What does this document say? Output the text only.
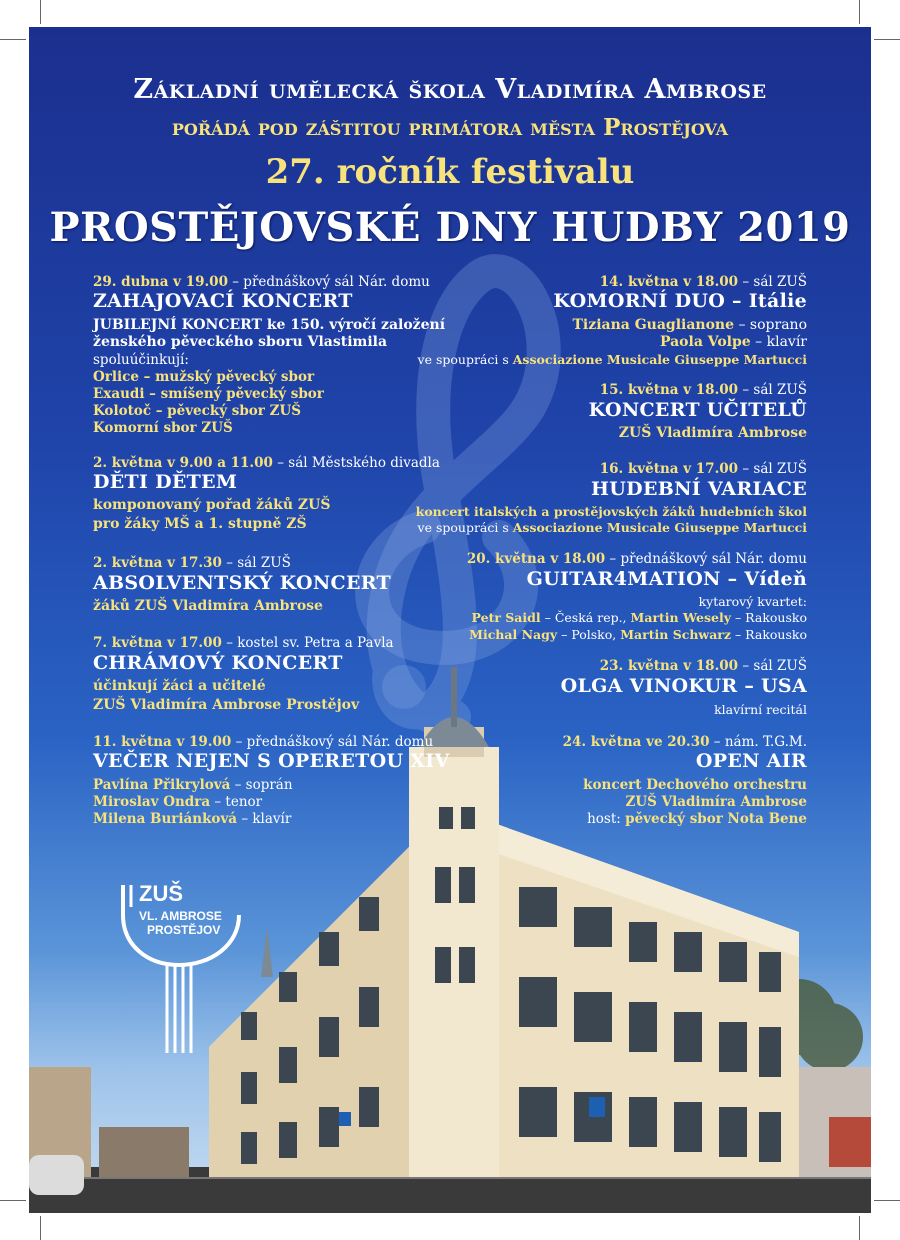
Základní umělecká škola Vladimíra Ambrose
pořádá pod záštitou primátora města Prostějova
27. ročník festivalu
PROSTĚJOVSKÉ DNY HUDBY 2019
29. dubna v 19.00 – přednáškový sál Nár. domu
ZAHAJOVACÍ KONCERT
JUBILEJNÍ KONCERT ke 150. výročí založení
ženského pěveckého sboru Vlastimila
spoluúčinkují:
Orlice – mužský pěvecký sbor
Exaudi – smíšený pěvecký sbor
Kolotoč – pěvecký sbor ZUŠ
Komorní sbor ZUŠ
2. května v 9.00 a 11.00 – sál Městského divadla
DĚTI DĚTEM
komponovaný pořad žáků ZUŠ
pro žáky MŠ a 1. stupně ZŠ
2. května v 17.30 – sál ZUŠ
ABSOLVENTSKÝ KONCERT
žáků ZUŠ Vladimíra Ambrose
7. května v 17.00 – kostel sv. Petra a Pavla
CHRÁMOVÝ KONCERT
účinkují žáci a učitelé
ZUŠ Vladimíra Ambrose Prostějov
11. května v 19.00 – přednáškový sál Nár. domu
VEČER NEJEN S OPERETOU XIV
Pavlína Přikrylová – soprán
Miroslav Ondra – tenor
Milena Buriánková – klavír
14. května v 18.00 – sál ZUŠ
KOMORNÍ DUO – Itálie
Tiziana Guaglianone – soprano
Paola Volpe – klavír
ve spoupráci s Associazione Musicale Giuseppe Martucci
15. května v 18.00 – sál ZUŠ
KONCERT UČITELŮ
ZUŠ Vladimíra Ambrose
16. května v 17.00 – sál ZUŠ
HUDEBNÍ VARIACE
koncert italských a prostějovských žáků hudebních škol
ve spoupráci s Associazione Musicale Giuseppe Martucci
20. května v 18.00 – přednáškový sál Nár. domu
GUITAR4MATION – Vídeň
kytarový kvartet:
Petr Saidl – Česká rep., Martin Wesely – Rakousko
Michal Nagy – Polsko, Martin Schwarz – Rakousko
23. května v 18.00 – sál ZUŠ
OLGA VINOKUR – USA
klavírní recitál
24. května ve 20.30 – nám. T.G.M.
OPEN AIR
koncert Dechového orchestru
ZUŠ Vladimíra Ambrose
host: pěvecký sbor Nota Bene
ZUŠ
VL. AMBROSE
PROSTĚJOV
